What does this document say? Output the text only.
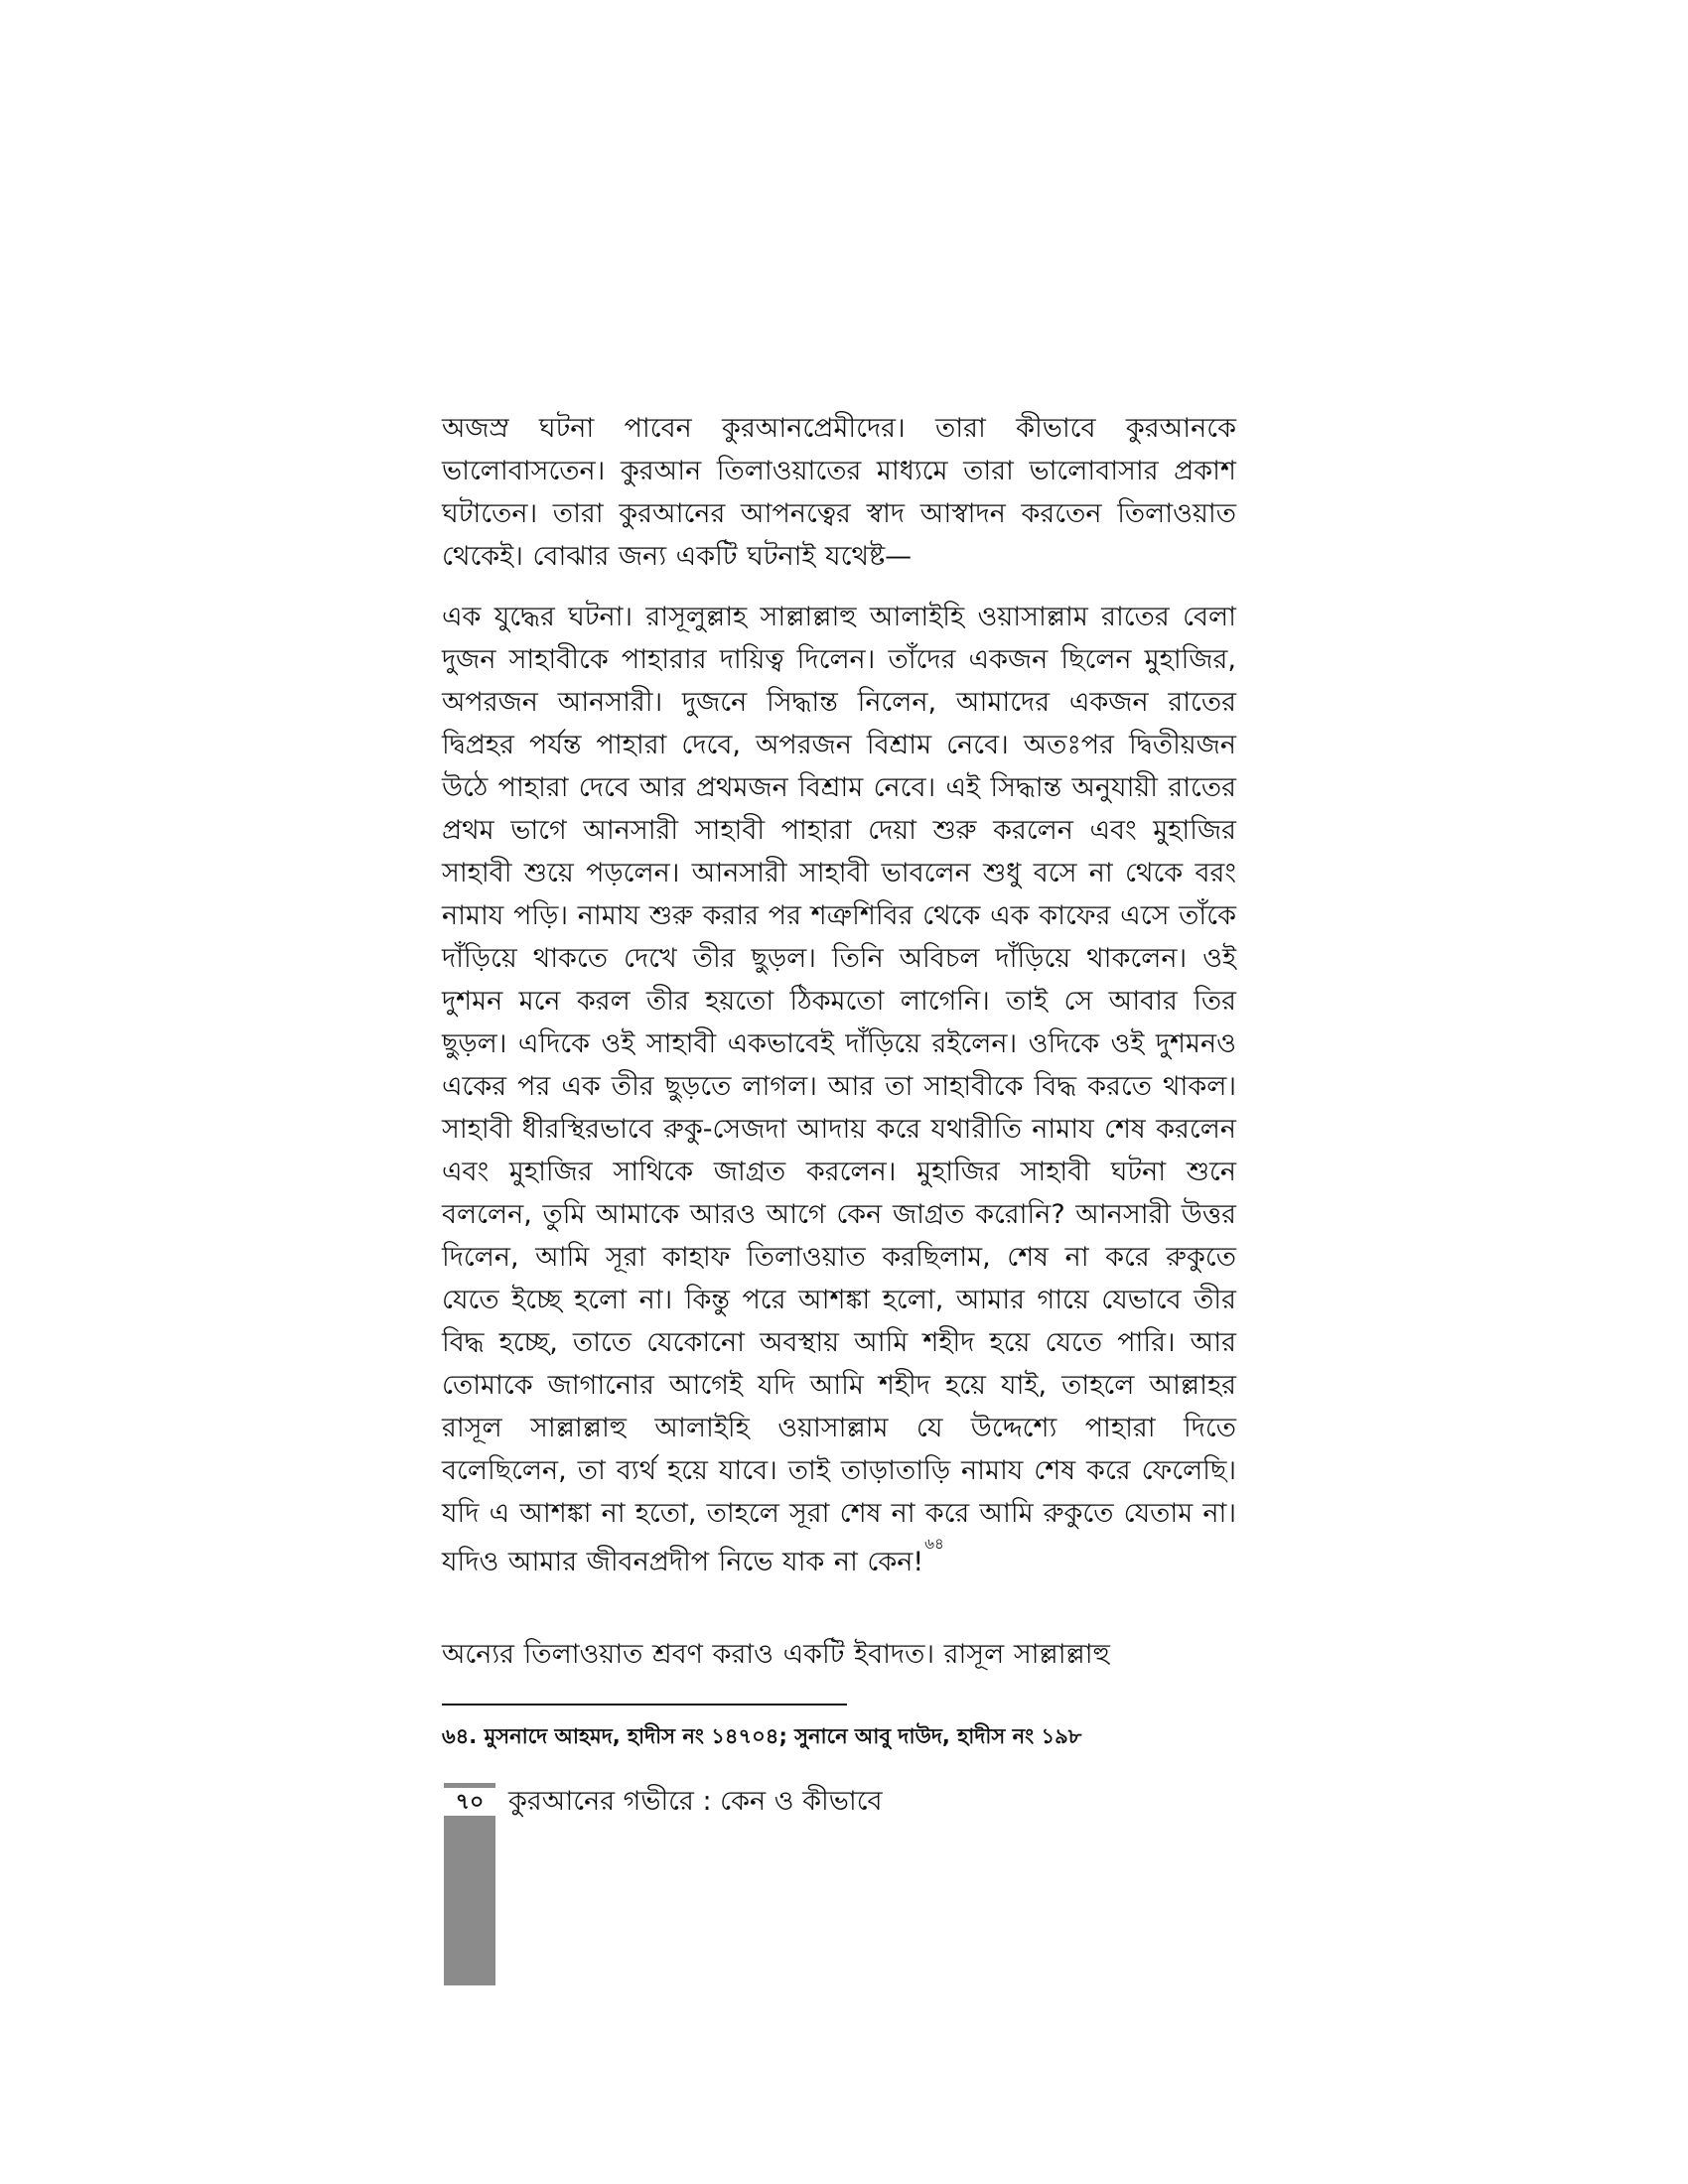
অজস্র ঘটনা পাবেন কুরআনপ্রেমীদের। তারা কীভাবে কুরআনকে ভালোবাসতেন। কুরআন তিলাওয়াতের মাধ্যমে তারা ভালোবাসার প্রকাশ ঘটাতেন। তারা কুরআনের আপনত্বের স্বাদ আস্বাদন করতেন তিলাওয়াত থেকেই। বোঝার জন্য একটি ঘটনাই যথেষ্ট—

এক যুদ্ধের ঘটনা। রাসূলুল্লাহ সাল্লাল্লাহু আলাইহি ওয়াসাল্লাম রাতের বেলা দুজন সাহাবীকে পাহারার দায়িত্ব দিলেন। তাঁদের একজন ছিলেন মুহাজির, অপরজন আনসারী। দুজনে সিদ্ধান্ত নিলেন, আমাদের একজন রাতের দ্বিপ্রহর পর্যন্ত পাহারা দেবে, অপরজন বিশ্রাম নেবে। অতঃপর দ্বিতীয়জন উঠে পাহারা দেবে আর প্রথমজন বিশ্রাম নেবে। এই সিদ্ধান্ত অনুযায়ী রাতের প্রথম ভাগে আনসারী সাহাবী পাহারা দেয়া শুরু করলেন এবং মুহাজির সাহাবী শুয়ে পড়লেন। আনসারী সাহাবী ভাবলেন শুধু বসে না থেকে বরং নামায পড়ি। নামায শুরু করার পর শত্রুশিবির থেকে এক কাফের এসে তাঁকে দাঁড়িয়ে থাকতে দেখে তীর ছুড়ল। তিনি অবিচল দাঁড়িয়ে থাকলেন। ওই দুশমন মনে করল তীর হয়তো ঠিকমতো লাগেনি। তাই সে আবার তির ছুড়ল। এদিকে ওই সাহাবী একভাবেই দাঁড়িয়ে রইলেন। ওদিকে ওই দুশমনও একের পর এক তীর ছুড়তে লাগল। আর তা সাহাবীকে বিদ্ধ করতে থাকল। সাহাবী ধীরস্থিরভাবে রুকু-সেজদা আদায় করে যথারীতি নামায শেষ করলেন এবং মুহাজির সাথিকে জাগ্রত করলেন। মুহাজির সাহাবী ঘটনা শুনে বললেন, তুমি আমাকে আরও আগে কেন জাগ্রত করোনি? আনসারী উত্তর দিলেন, আমি সূরা কাহাফ তিলাওয়াত করছিলাম, শেষ না করে রুকুতে যেতে ইচ্ছে হলো না। কিন্তু পরে আশঙ্কা হলো, আমার গায়ে যেভাবে তীর বিদ্ধ হচ্ছে, তাতে যেকোনো অবস্থায় আমি শহীদ হয়ে যেতে পারি। আর তোমাকে জাগানোর আগেই যদি আমি শহীদ হয়ে যাই, তাহলে আল্লাহর রাসূল সাল্লাল্লাহু আলাইহি ওয়াসাল্লাম যে উদ্দেশ্যে পাহারা দিতে বলেছিলেন, তা ব্যর্থ হয়ে যাবে। তাই তাড়াতাড়ি নামায শেষ করে ফেলেছি। যদি এ আশঙ্কা না হতো, তাহলে সূরা শেষ না করে আমি রুকুতে যেতাম না। যদিও আমার জীবনপ্রদীপ নিভে যাক না কেন!$^{৬৪}$

অন্যের তিলাওয়াত শ্রবণ করাও একটি ইবাদত। রাসূল সাল্লাল্লাহু

৬৪. মুসনাদে আহমদ, হাদীস নং ১৪৭০৪; সুনানে আবু দাউদ, হাদীস নং ১৯৮

৭০ কুরআনের গভীরে : কেন ও কীভাবে
